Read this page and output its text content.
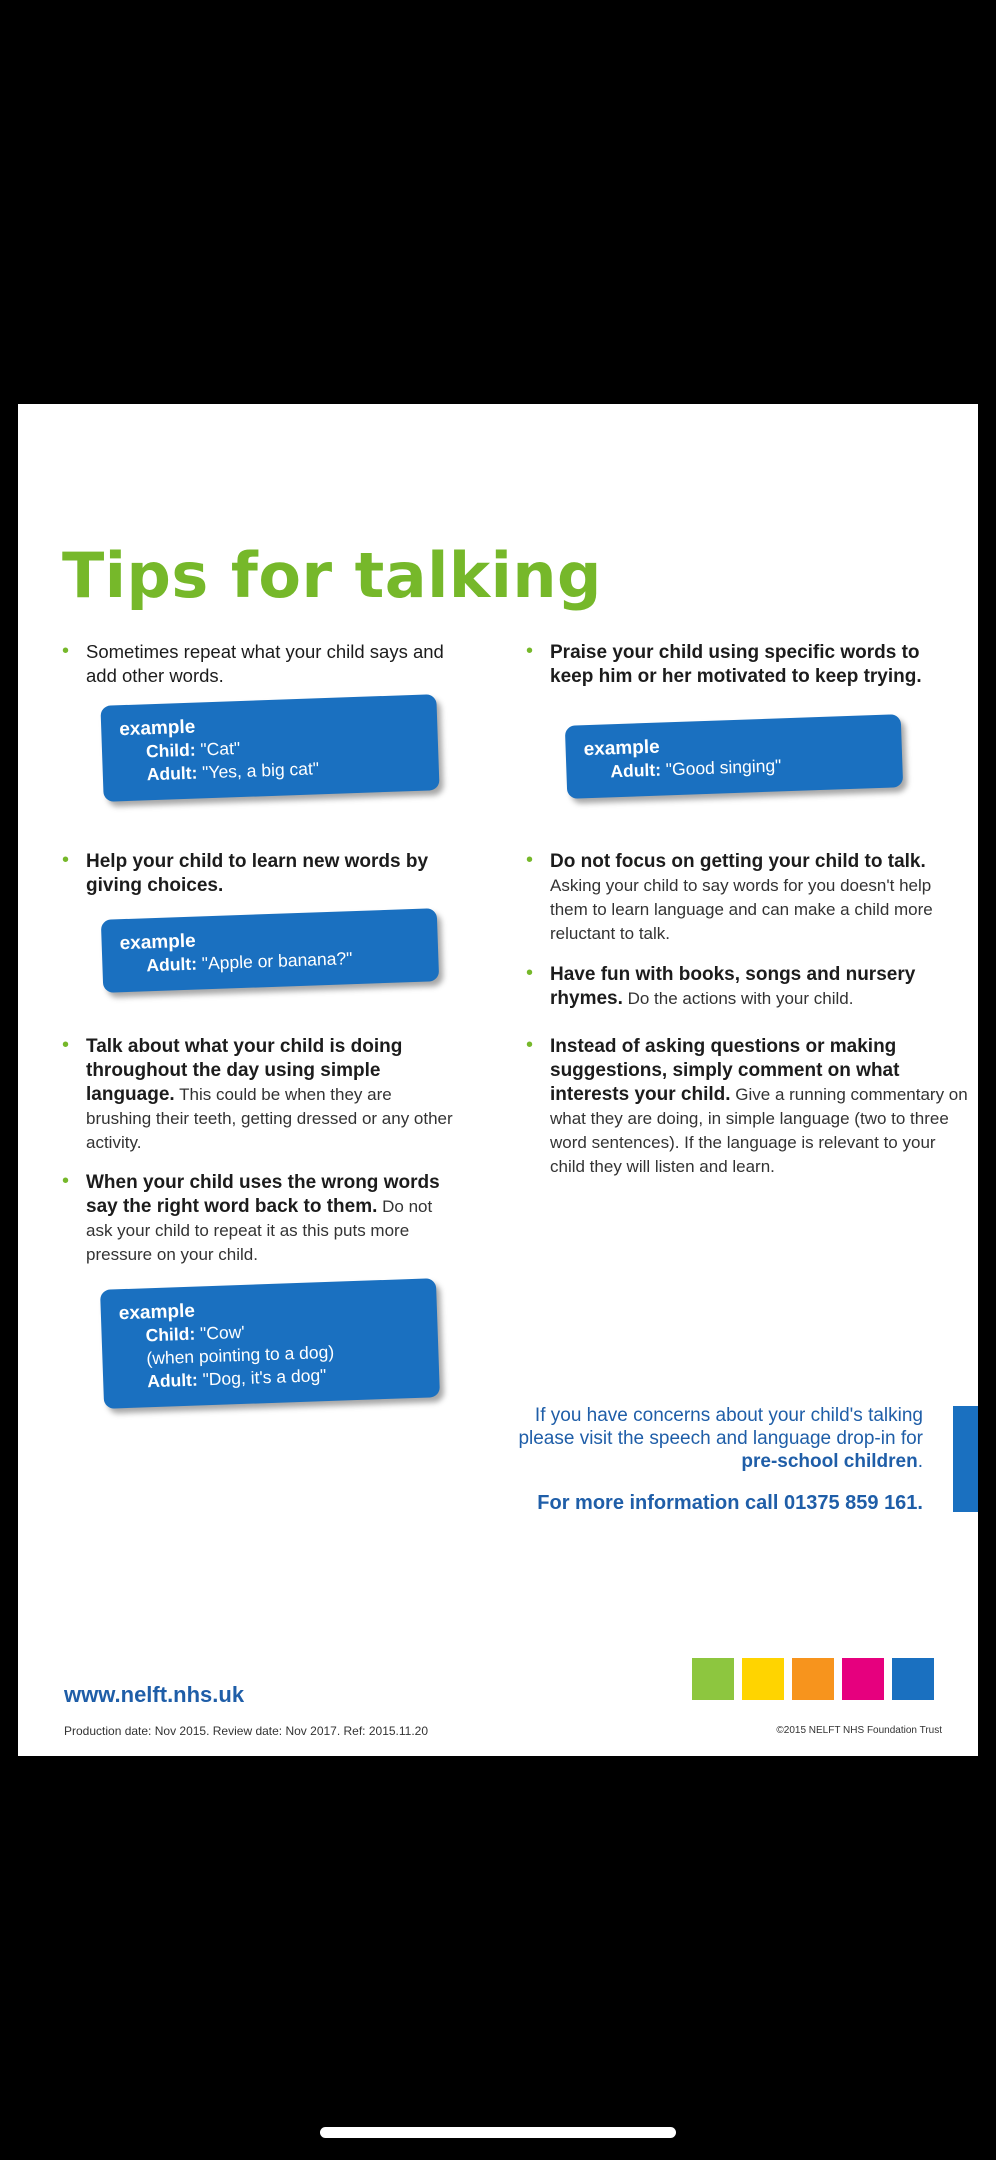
Tips for talking
• Sometimes repeat what your child says and add other words.
example
Child: "Cat"
Adult: "Yes, a big cat"
• Help your child to learn new words by giving choices.
example
Adult: "Apple or banana?"
• Talk about what your child is doing throughout the day using simple language. This could be when they are brushing their teeth, getting dressed or any other activity.
• When your child uses the wrong words say the right word back to them. Do not ask your child to repeat it as this puts more pressure on your child.
example
Child: "Cow'
(when pointing to a dog)
Adult: "Dog, it's a dog"
• Praise your child using specific words to keep him or her motivated to keep trying.
example
Adult: "Good singing"
• Do not focus on getting your child to talk. Asking your child to say words for you doesn't help them to learn language and can make a child more reluctant to talk.
• Have fun with books, songs and nursery rhymes. Do the actions with your child.
• Instead of asking questions or making suggestions, simply comment on what interests your child. Give a running commentary on what they are doing, in simple language (two to three word sentences). If the language is relevant to your child they will listen and learn.
If you have concerns about your child's talking please visit the speech and language drop-in for pre-school children.
For more information call 01375 859 161.
www.nelft.nhs.uk
Production date: Nov 2015. Review date: Nov 2017. Ref: 2015.11.20	©2015 NELFT NHS Foundation Trust
